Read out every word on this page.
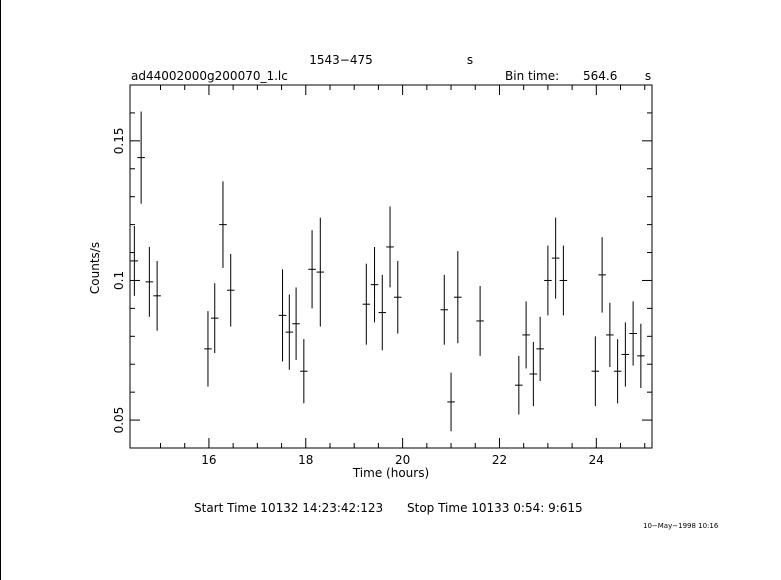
1543−475	s
ad44002000g200070_1.lc	Bin time: 564.6 s
16	18	20	22	24
0.05
0.1
0.15
Time (hours)
Counts/s
Start Time 10132 14:23:42:123 Stop Time 10133 0:54: 9:615
10−May−1998 10:16
